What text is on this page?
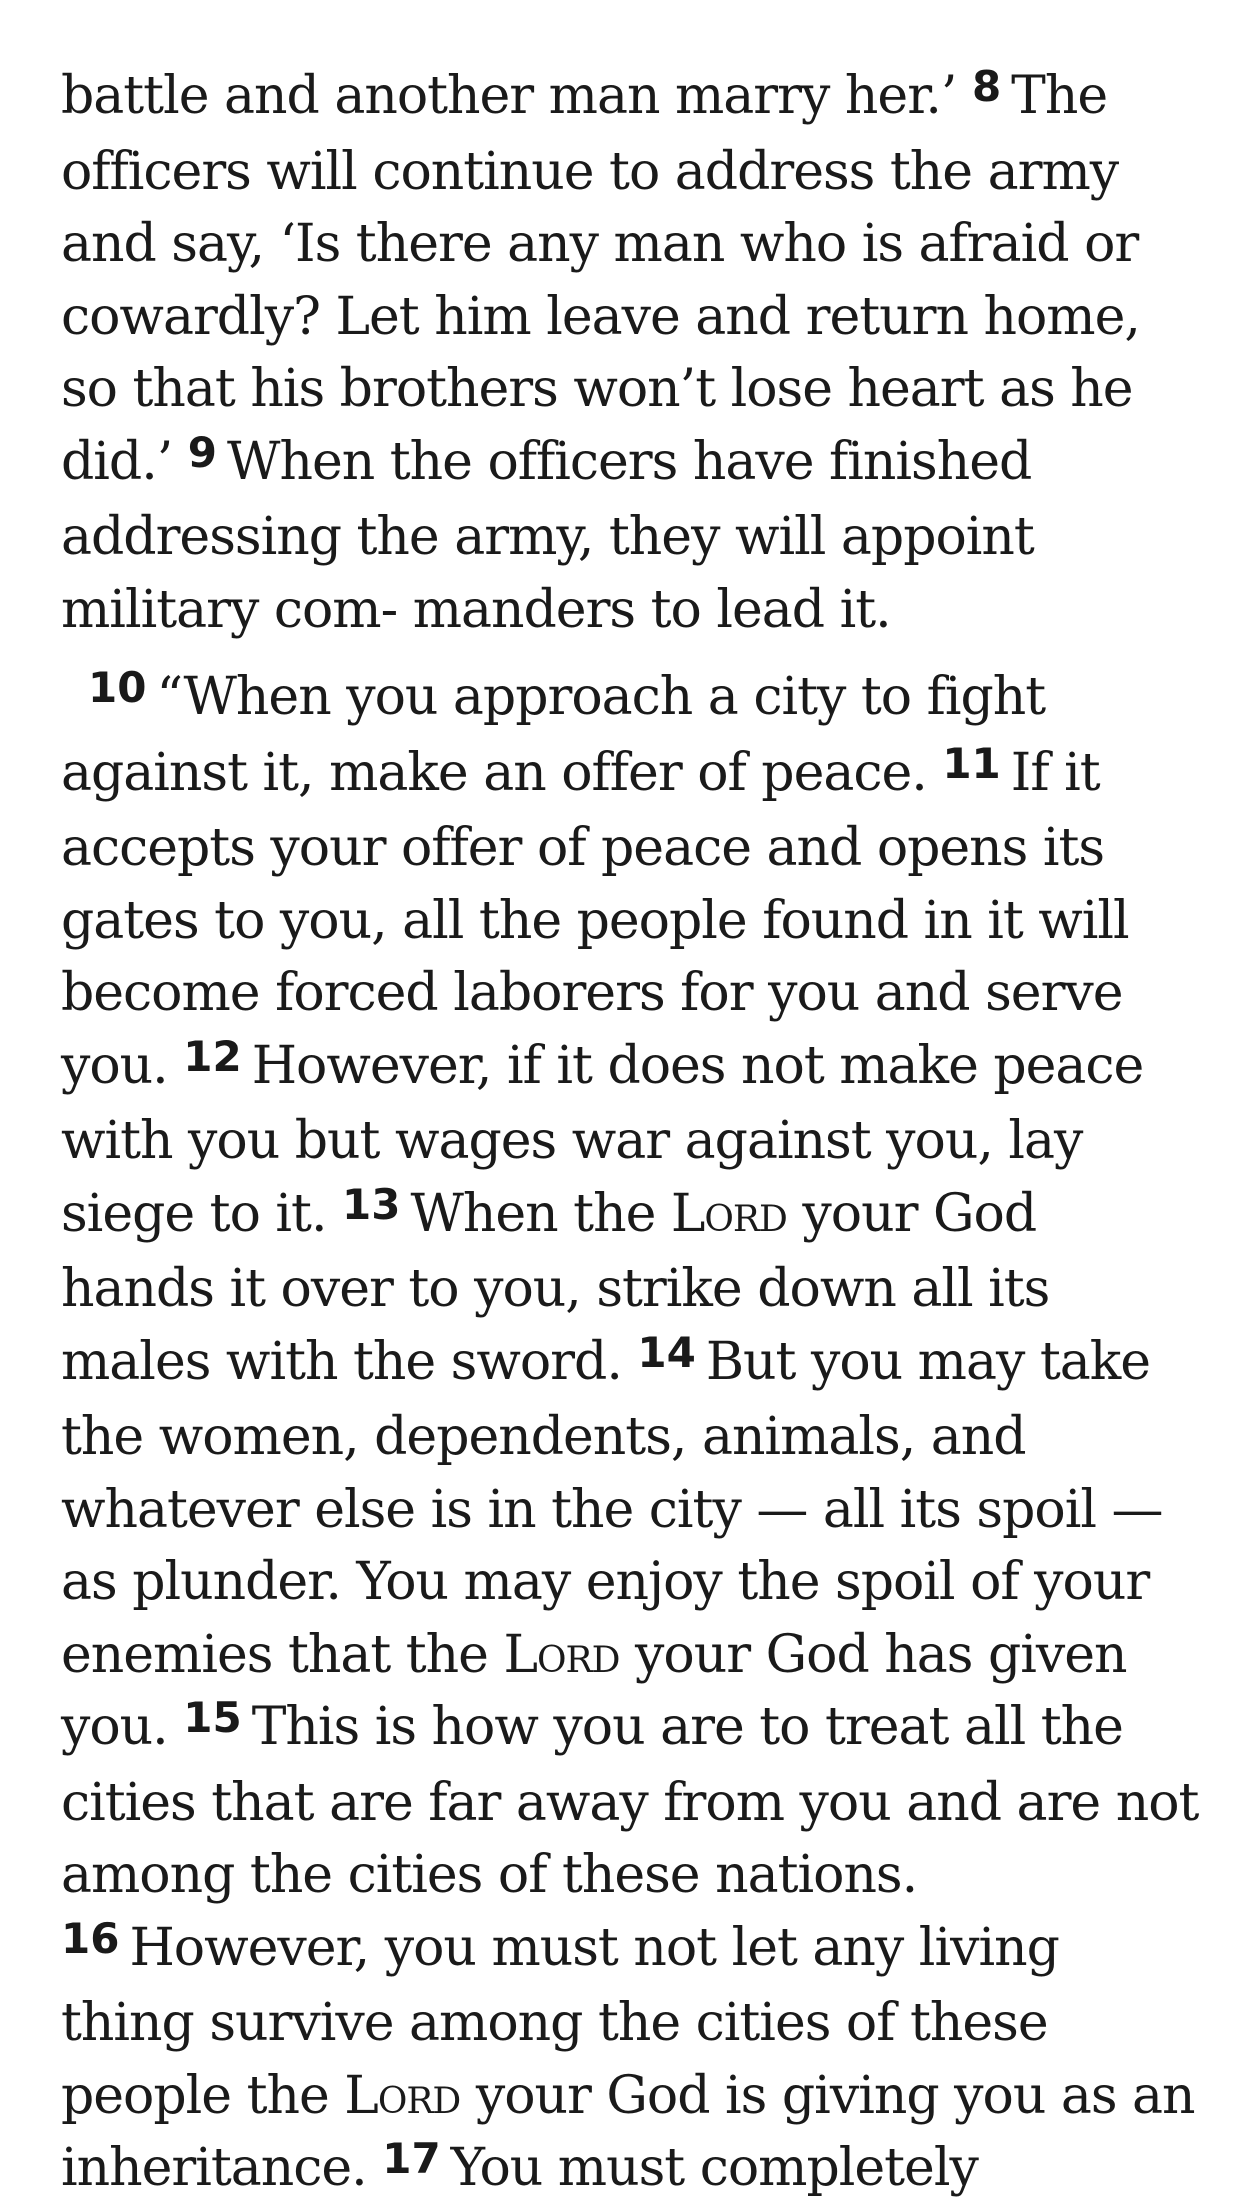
battle and another man marry her.’ $^8$ The officers will continue to address the army and say, ‘Is there any man who is afraid or cowardly? Let him leave and return home, so that his brothers won’t lose heart as he did.’ $^9$ When the officers have finished addressing the army, they will appoint military com- manders to lead it.

$^{10}$ “When you approach a city to fight against it, make an offer of peace. $^{11}$ If it accepts your offer of peace and opens its gates to you, all the people found in it will become forced laborers for you and serve you. $^{12}$ However, if it does not make peace with you but wages war against you, lay siege to it. $^{13}$ When the Lord your God hands it over to you, strike down all its males with the sword. $^{14}$ But you may take the women, dependents, animals, and whatever else is in the city — all its spoil — as plunder. You may enjoy the spoil of your enemies that the Lord your God has given you. $^{15}$ This is how you are to treat all the cities that are far away from you and are not among the cities of these nations. $^{16}$ However, you must not let any living thing survive among the cities of these people the Lord your God is giving you as an inheritance. $^{17}$ You must completely
